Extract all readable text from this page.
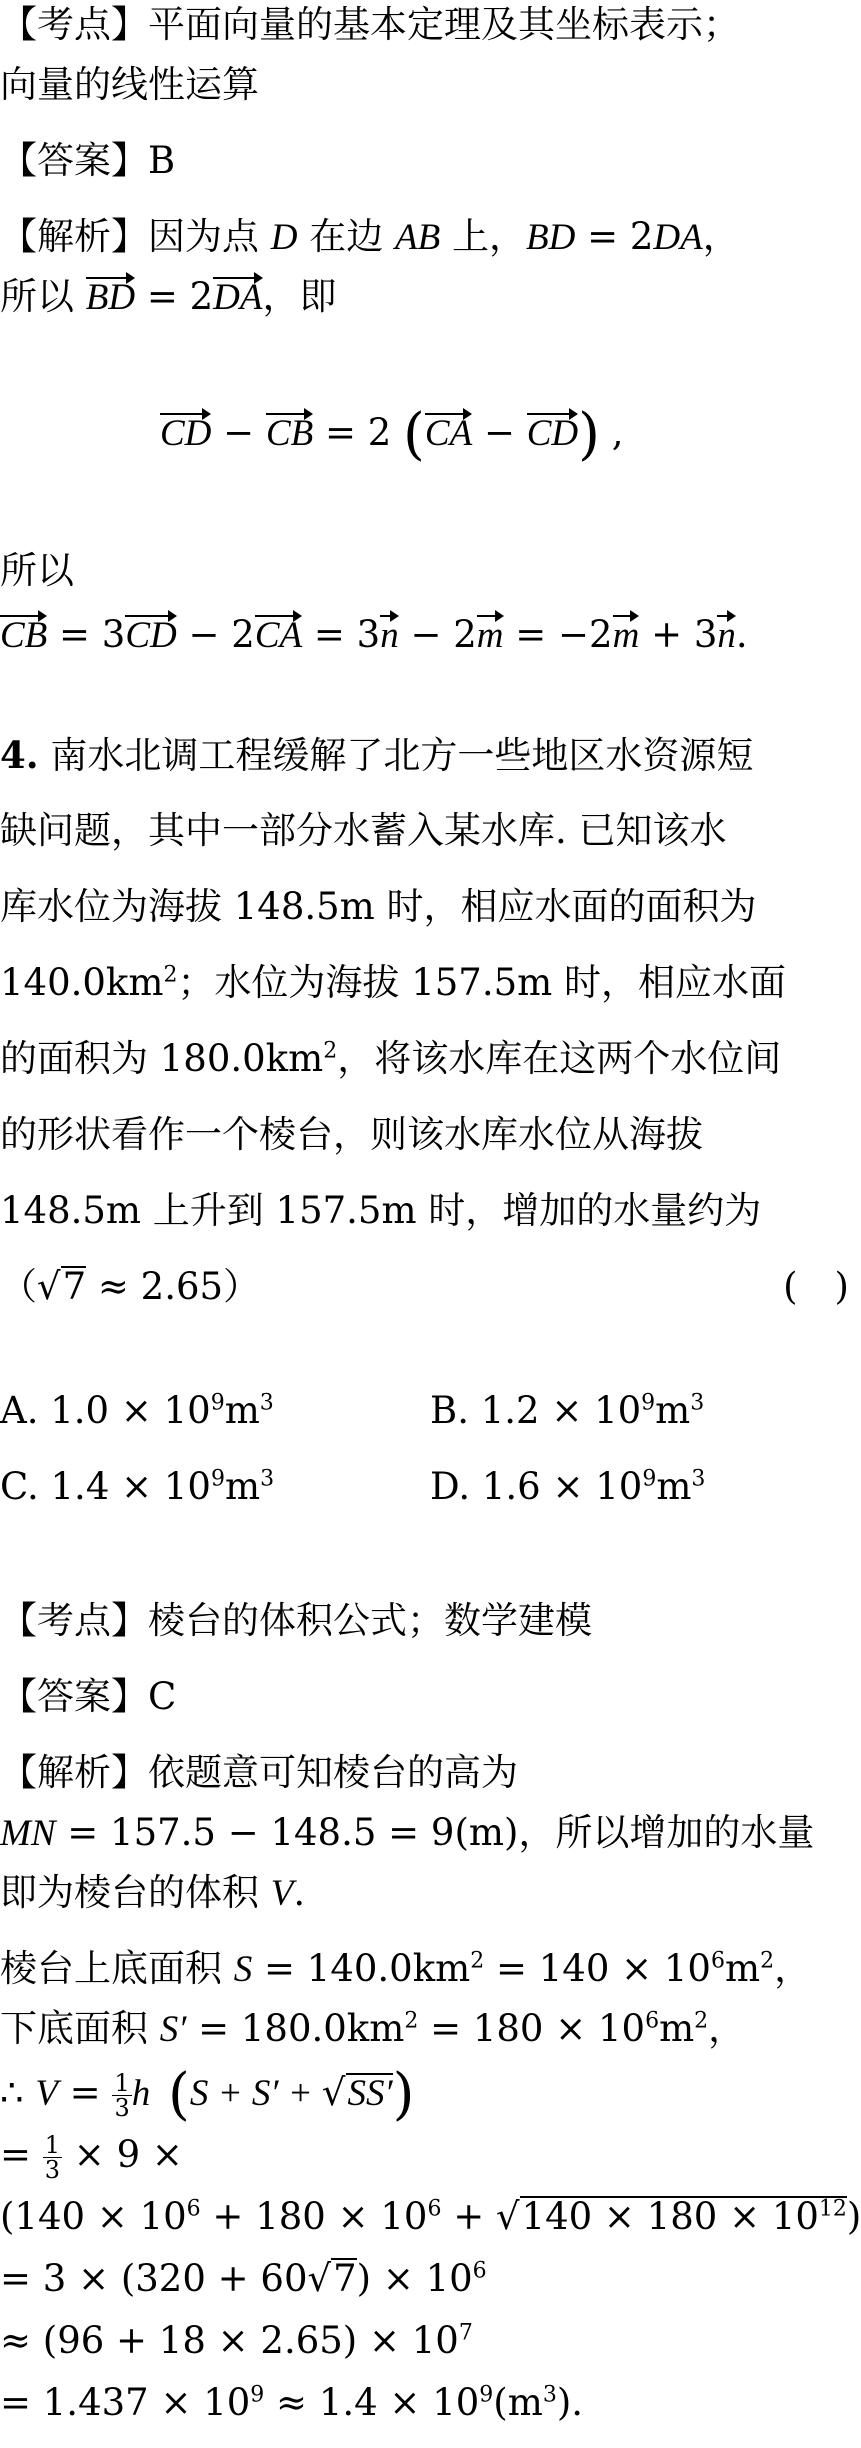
【考点】平面向量的基本定理及其坐标表示；
向量的线性运算
【答案】B
【解析】因为点 D 在边 AB 上，BD = 2DA，
所以 BD = 2DA，即
CD − CB = 2 (CA − CD) ,
所以
CB = 3CD − 2CA = 3n − 2m = −2m + 3n.
4. 南水北调工程缓解了北方一些地区水资源短
缺问题，其中一部分水蓄入某水库. 已知该水
库水位为海拔 148.5m 时，相应水面的面积为
$140.0km^2$；水位为海拔 157.5m 时，相应水面
的面积为 $180.0km^2$，将该水库在这两个水位间
的形状看作一个棱台，则该水库水位从海拔
148.5m 上升到 157.5m 时，增加的水量约为
（√7 ≈ 2.65）	(　)
A. $1.0 \times 10^9m^3$	B. $1.2 \times 10^9m^3$
C. $1.4 \times 10^9m^3$	D. $1.6 \times 10^9m^3$
【考点】棱台的体积公式；数学建模
【答案】C
【解析】依题意可知棱台的高为
MN = 157.5 − 148.5 = 9(m)，所以增加的水量
即为棱台的体积 V.
棱台上底面积 $S = 140.0km^2 = 140 \times 10^6m^2$，
下底面积 $S' = 180.0km^2 = 180 \times 10^6m^2$，
∴ $V = \frac{1}{3}$ h (S + S′ + √SS′)
= $\frac{1}{3} \times 9$ ×
$(140 \times 10^6 + 180 \times 10^6 + √140 \times 180 \times 10^{12})$
= $3 \times (320 + 60√7) \times 10^6$
≈ $(96 + 18 \times 2.65) \times 10^7$
= $1.437 \times 10^9 \approx 1.4 \times 10^9(m^3)$.
